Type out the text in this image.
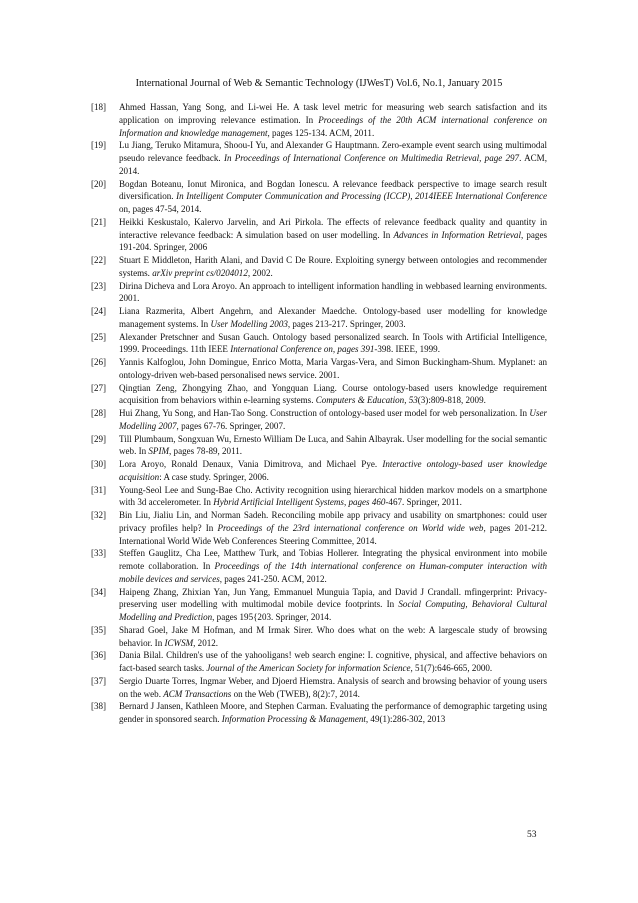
International Journal of Web & Semantic Technology (IJWesT) Vol.6, No.1, January 2015
[18] Ahmed Hassan, Yang Song, and Li-wei He. A task level metric for measuring web search satisfaction and its application on improving relevance estimation. In Proceedings of the 20th ACM international conference on Information and knowledge management, pages 125-134. ACM, 2011.
[19] Lu Jiang, Teruko Mitamura, Shoou-I Yu, and Alexander G Hauptmann. Zero-example event search using multimodal pseudo relevance feedback. In Proceedings of International Conference on Multimedia Retrieval, page 297. ACM, 2014.
[20] Bogdan Boteanu, Ionut Mironica, and Bogdan Ionescu. A relevance feedback perspective to image search result diversification. In Intelligent Computer Communication and Processing (ICCP), 2014IEEE International Conference on, pages 47-54, 2014.
[21] Heikki Keskustalo, Kalervo Jarvelin, and Ari Pirkola. The effects of relevance feedback quality and quantity in interactive relevance feedback: A simulation based on user modelling. In Advances in Information Retrieval, pages 191-204. Springer, 2006
[22] Stuart E Middleton, Harith Alani, and David C De Roure. Exploiting synergy between ontologies and recommender systems. arXiv preprint cs/0204012, 2002.
[23] Dirina Dicheva and Lora Aroyo. An approach to intelligent information handling in webbased learning environments. 2001.
[24] Liana Razmerita, Albert Angehrn, and Alexander Maedche. Ontology-based user modelling for knowledge management systems. In User Modelling 2003, pages 213-217. Springer, 2003.
[25] Alexander Pretschner and Susan Gauch. Ontology based personalized search. In Tools with Artificial Intelligence, 1999. Proceedings. 11th IEEE International Conference on, pages 391-398. IEEE, 1999.
[26] Yannis Kalfoglou, John Domingue, Enrico Motta, Maria Vargas-Vera, and Simon Buckingham-Shum. Myplanet: an ontology-driven web-based personalised news service. 2001.
[27] Qingtian Zeng, Zhongying Zhao, and Yongquan Liang. Course ontology-based users knowledge requirement acquisition from behaviors within e-learning systems. Computers & Education, 53(3):809-818, 2009.
[28] Hui Zhang, Yu Song, and Han-Tao Song. Construction of ontology-based user model for web personalization. In User Modelling 2007, pages 67-76. Springer, 2007.
[29] Till Plumbaum, Songxuan Wu, Ernesto William De Luca, and Sahin Albayrak. User modelling for the social semantic web. In SPIM, pages 78-89, 2011.
[30] Lora Aroyo, Ronald Denaux, Vania Dimitrova, and Michael Pye. Interactive ontology-based user knowledge acquisition: A case study. Springer, 2006.
[31] Young-Seol Lee and Sung-Bae Cho. Activity recognition using hierarchical hidden markov models on a smartphone with 3d accelerometer. In Hybrid Artificial Intelligent Systems, pages 460-467. Springer, 2011.
[32] Bin Liu, Jialiu Lin, and Norman Sadeh. Reconciling mobile app privacy and usability on smartphones: could user privacy profiles help? In Proceedings of the 23rd international conference on World wide web, pages 201-212. International World Wide Web Conferences Steering Committee, 2014.
[33] Steffen Gauglitz, Cha Lee, Matthew Turk, and Tobias Hollerer. Integrating the physical environment into mobile remote collaboration. In Proceedings of the 14th international conference on Human-computer interaction with mobile devices and services, pages 241-250. ACM, 2012.
[34] Haipeng Zhang, Zhixian Yan, Jun Yang, Emmanuel Munguia Tapia, and David J Crandall. mfingerprint: Privacy-preserving user modelling with multimodal mobile device footprints. In Social Computing, Behavioral Cultural Modelling and Prediction, pages 195{203. Springer, 2014.
[35] Sharad Goel, Jake M Hofman, and M Irmak Sirer. Who does what on the web: A largescale study of browsing behavior. In ICWSM, 2012.
[36] Dania Bilal. Children's use of the yahooligans! web search engine: I. cognitive, physical, and affective behaviors on fact-based search tasks. Journal of the American Society for information Science, 51(7):646-665, 2000.
[37] Sergio Duarte Torres, Ingmar Weber, and Djoerd Hiemstra. Analysis of search and browsing behavior of young users on the web. ACM Transactions on the Web (TWEB), 8(2):7, 2014.
[38] Bernard J Jansen, Kathleen Moore, and Stephen Carman. Evaluating the performance of demographic targeting using gender in sponsored search. Information Processing & Management, 49(1):286-302, 2013
53
